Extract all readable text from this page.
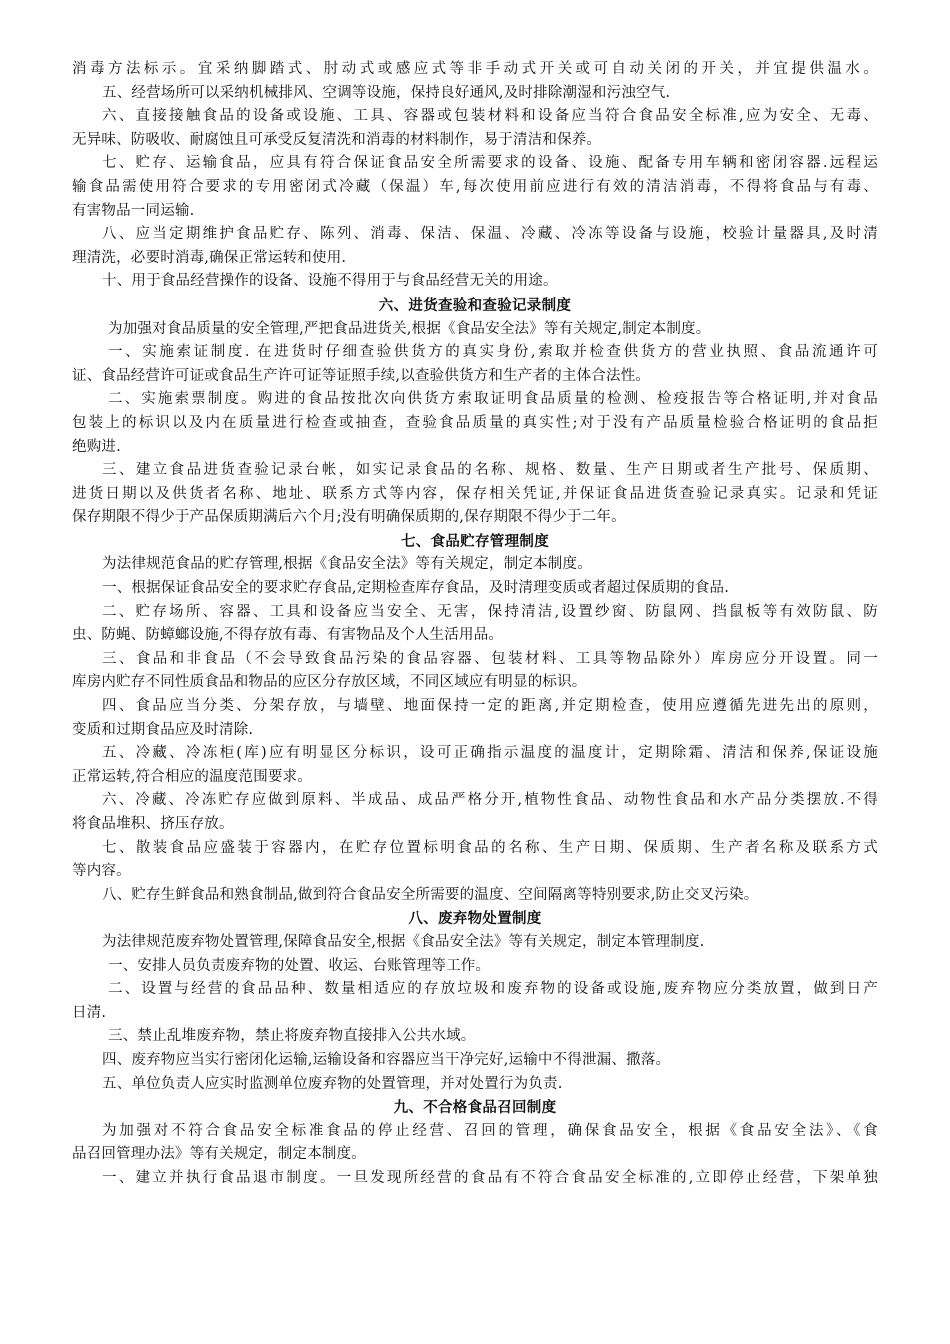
消毒方法标示。宜采纳脚踏式、肘动式或感应式等非手动式开关或可自动关闭的开关，并宜提供温水。

五、经营场所可以采纳机械排风、空调等设施，保持良好通风,及时排除潮湿和污浊空气.

六、直接接触食品的设备或设施、工具、容器或包装材料和设备应当符合食品安全标准,应为安全、无毒、

无异味、防吸收、耐腐蚀且可承受反复清洗和消毒的材料制作，易于清洁和保养。

七、贮存、运输食品，应具有符合保证食品安全所需要求的设备、设施、配备专用车辆和密闭容器.远程运

输食品需使用符合要求的专用密闭式冷藏（保温）车,每次使用前应进行有效的清洁消毒，不得将食品与有毒、

有害物品一同运输.

八、应当定期维护食品贮存、陈列、消毒、保洁、保温、冷藏、冷冻等设备与设施，校验计量器具,及时清

理清洗，必要时消毒,确保正常运转和使用.

十、用于食品经营操作的设备、设施不得用于与食品经营无关的用途。

六、进货查验和查验记录制度

为加强对食品质量的安全管理,严把食品进货关,根据《食品安全法》等有关规定,制定本制度。

一、实施索证制度. 在进货时仔细查验供货方的真实身份,索取并检查供货方的营业执照、食品流通许可

证、食品经营许可证或食品生产许可证等证照手续,以查验供货方和生产者的主体合法性。

二、实施索票制度。购进的食品按批次向供货方索取证明食品质量的检测、检疫报告等合格证明,并对食品

包装上的标识以及内在质量进行检查或抽查，查验食品质量的真实性;对于没有产品质量检验合格证明的食品拒

绝购进.

三、建立食品进货查验记录台帐，如实记录食品的名称、规格、数量、生产日期或者生产批号、保质期、

进货日期以及供货者名称、地址、联系方式等内容，保存相关凭证,并保证食品进货查验记录真实。记录和凭证

保存期限不得少于产品保质期满后六个月;没有明确保质期的,保存期限不得少于二年。

七、食品贮存管理制度

为法律规范食品的贮存管理,根据《食品安全法》等有关规定，制定本制度。

一、根据保证食品安全的要求贮存食品,定期检查库存食品，及时清理变质或者超过保质期的食品.

二、贮存场所、容器、工具和设备应当安全、无害，保持清洁,设置纱窗、防鼠网、挡鼠板等有效防鼠、防

虫、防蝇、防蟑螂设施,不得存放有毒、有害物品及个人生活用品。

三、食品和非食品（不会导致食品污染的食品容器、包装材料、工具等物品除外）库房应分开设置。同一

库房内贮存不同性质食品和物品的应区分存放区域，不同区域应有明显的标识。

四、食品应当分类、分架存放，与墙壁、地面保持一定的距离,并定期检查，使用应遵循先进先出的原则，

变质和过期食品应及时清除.

五、冷藏、冷冻柜(库)应有明显区分标识，设可正确指示温度的温度计，定期除霜、清洁和保养,保证设施

正常运转,符合相应的温度范围要求。

六、冷藏、冷冻贮存应做到原料、半成品、成品严格分开,植物性食品、动物性食品和水产品分类摆放.不得

将食品堆积、挤压存放。

七、散装食品应盛装于容器内，在贮存位置标明食品的名称、生产日期、保质期、生产者名称及联系方式

等内容。

八、贮存生鲜食品和熟食制品,做到符合食品安全所需要的温度、空间隔离等特别要求,防止交叉污染。

八、废弃物处置制度

为法律规范废弃物处置管理,保障食品安全,根据《食品安全法》等有关规定，制定本管理制度.

一、安排人员负责废弃物的处置、收运、台账管理等工作。

二、设置与经营的食品品种、数量相适应的存放垃圾和废弃物的设备或设施,废弃物应分类放置，做到日产

日清.

三、禁止乱堆废弃物，禁止将废弃物直接排入公共水域。

四、废弃物应当实行密闭化运输,运输设备和容器应当干净完好,运输中不得泄漏、撒落。

五、单位负责人应实时监测单位废弃物的处置管理，并对处置行为负责.

九、不合格食品召回制度

为加强对不符合食品安全标准食品的停止经营、召回的管理，确保食品安全，根据《食品安全法》、《食

品召回管理办法》等有关规定，制定本制度。

一、建立并执行食品退市制度。一旦发现所经营的食品有不符合食品安全标准的,立即停止经营，下架单独
